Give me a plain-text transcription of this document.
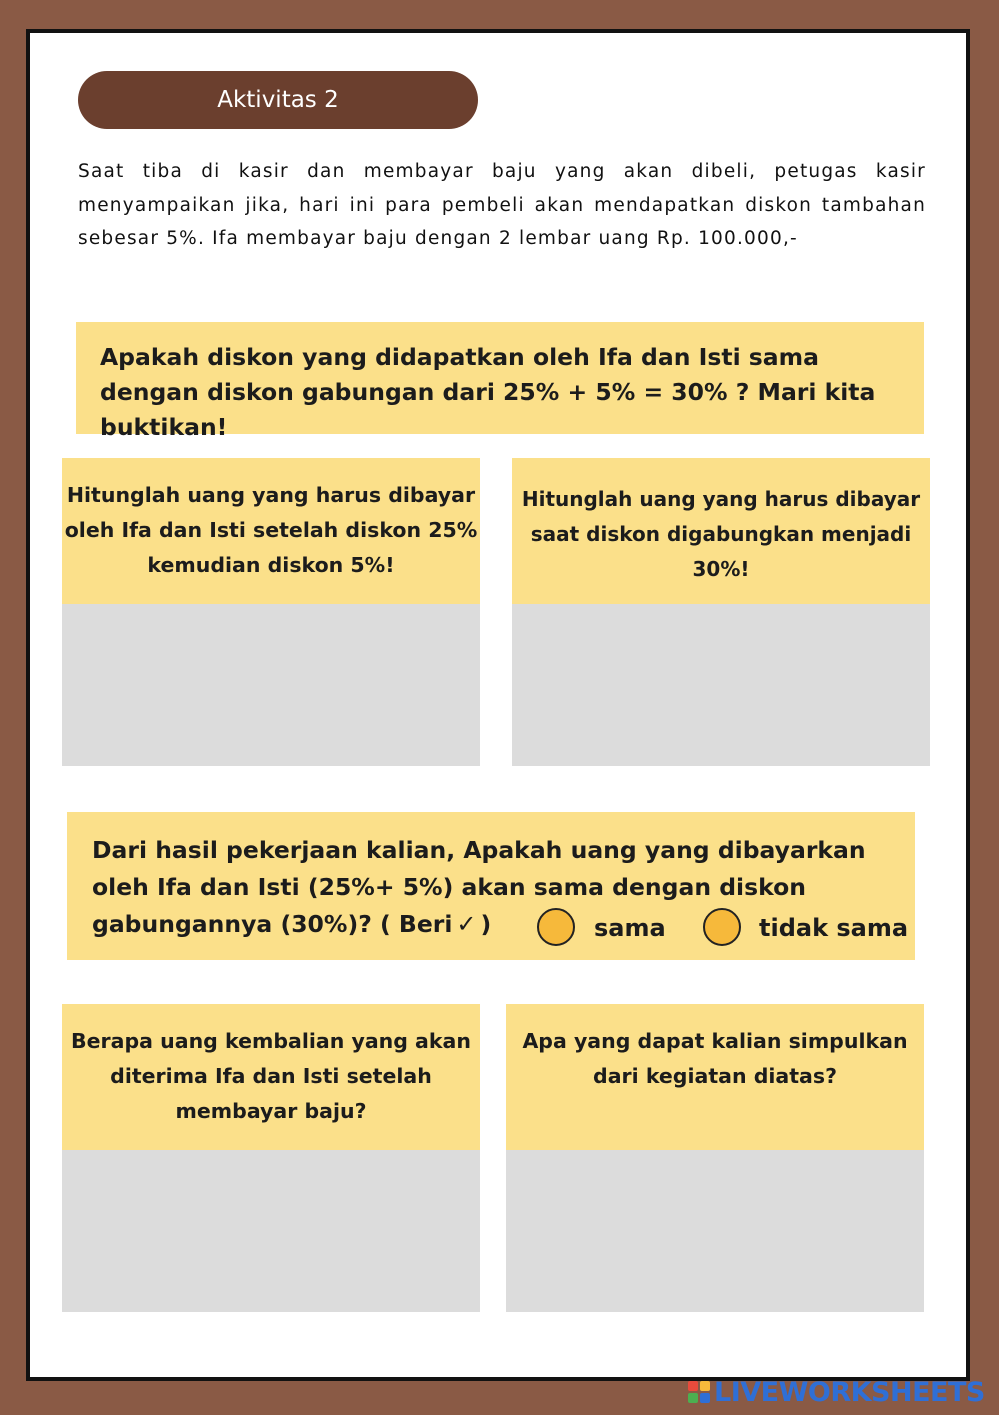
Aktivitas 2

Saat tiba di kasir dan membayar baju yang akan dibeli, petugas kasir menyampaikan jika, hari ini para pembeli akan mendapatkan diskon tambahan sebesar 5%. Ifa membayar baju dengan 2 lembar uang Rp. 100.000,-

Apakah diskon yang didapatkan oleh Ifa dan Isti sama dengan diskon gabungan dari 25% + 5% = 30% ? Mari kita buktikan!
Hitunglah uang yang harus dibayar oleh Ifa dan Isti setelah diskon 25% kemudian diskon 5%!
Hitunglah uang yang harus dibayar saat diskon digabungkan menjadi 30%!
Dari hasil pekerjaan kalian, Apakah uang yang dibayarkan oleh Ifa dan Isti (25%+ 5%) akan sama dengan diskon gabungannya (30%)? ( Beri ✓ )	sama	tidak sama
Berapa uang kembalian yang akan diterima Ifa dan Isti setelah membayar baju?
Apa yang dapat kalian simpulkan dari kegiatan diatas?
LIVEWORKSHEETS
